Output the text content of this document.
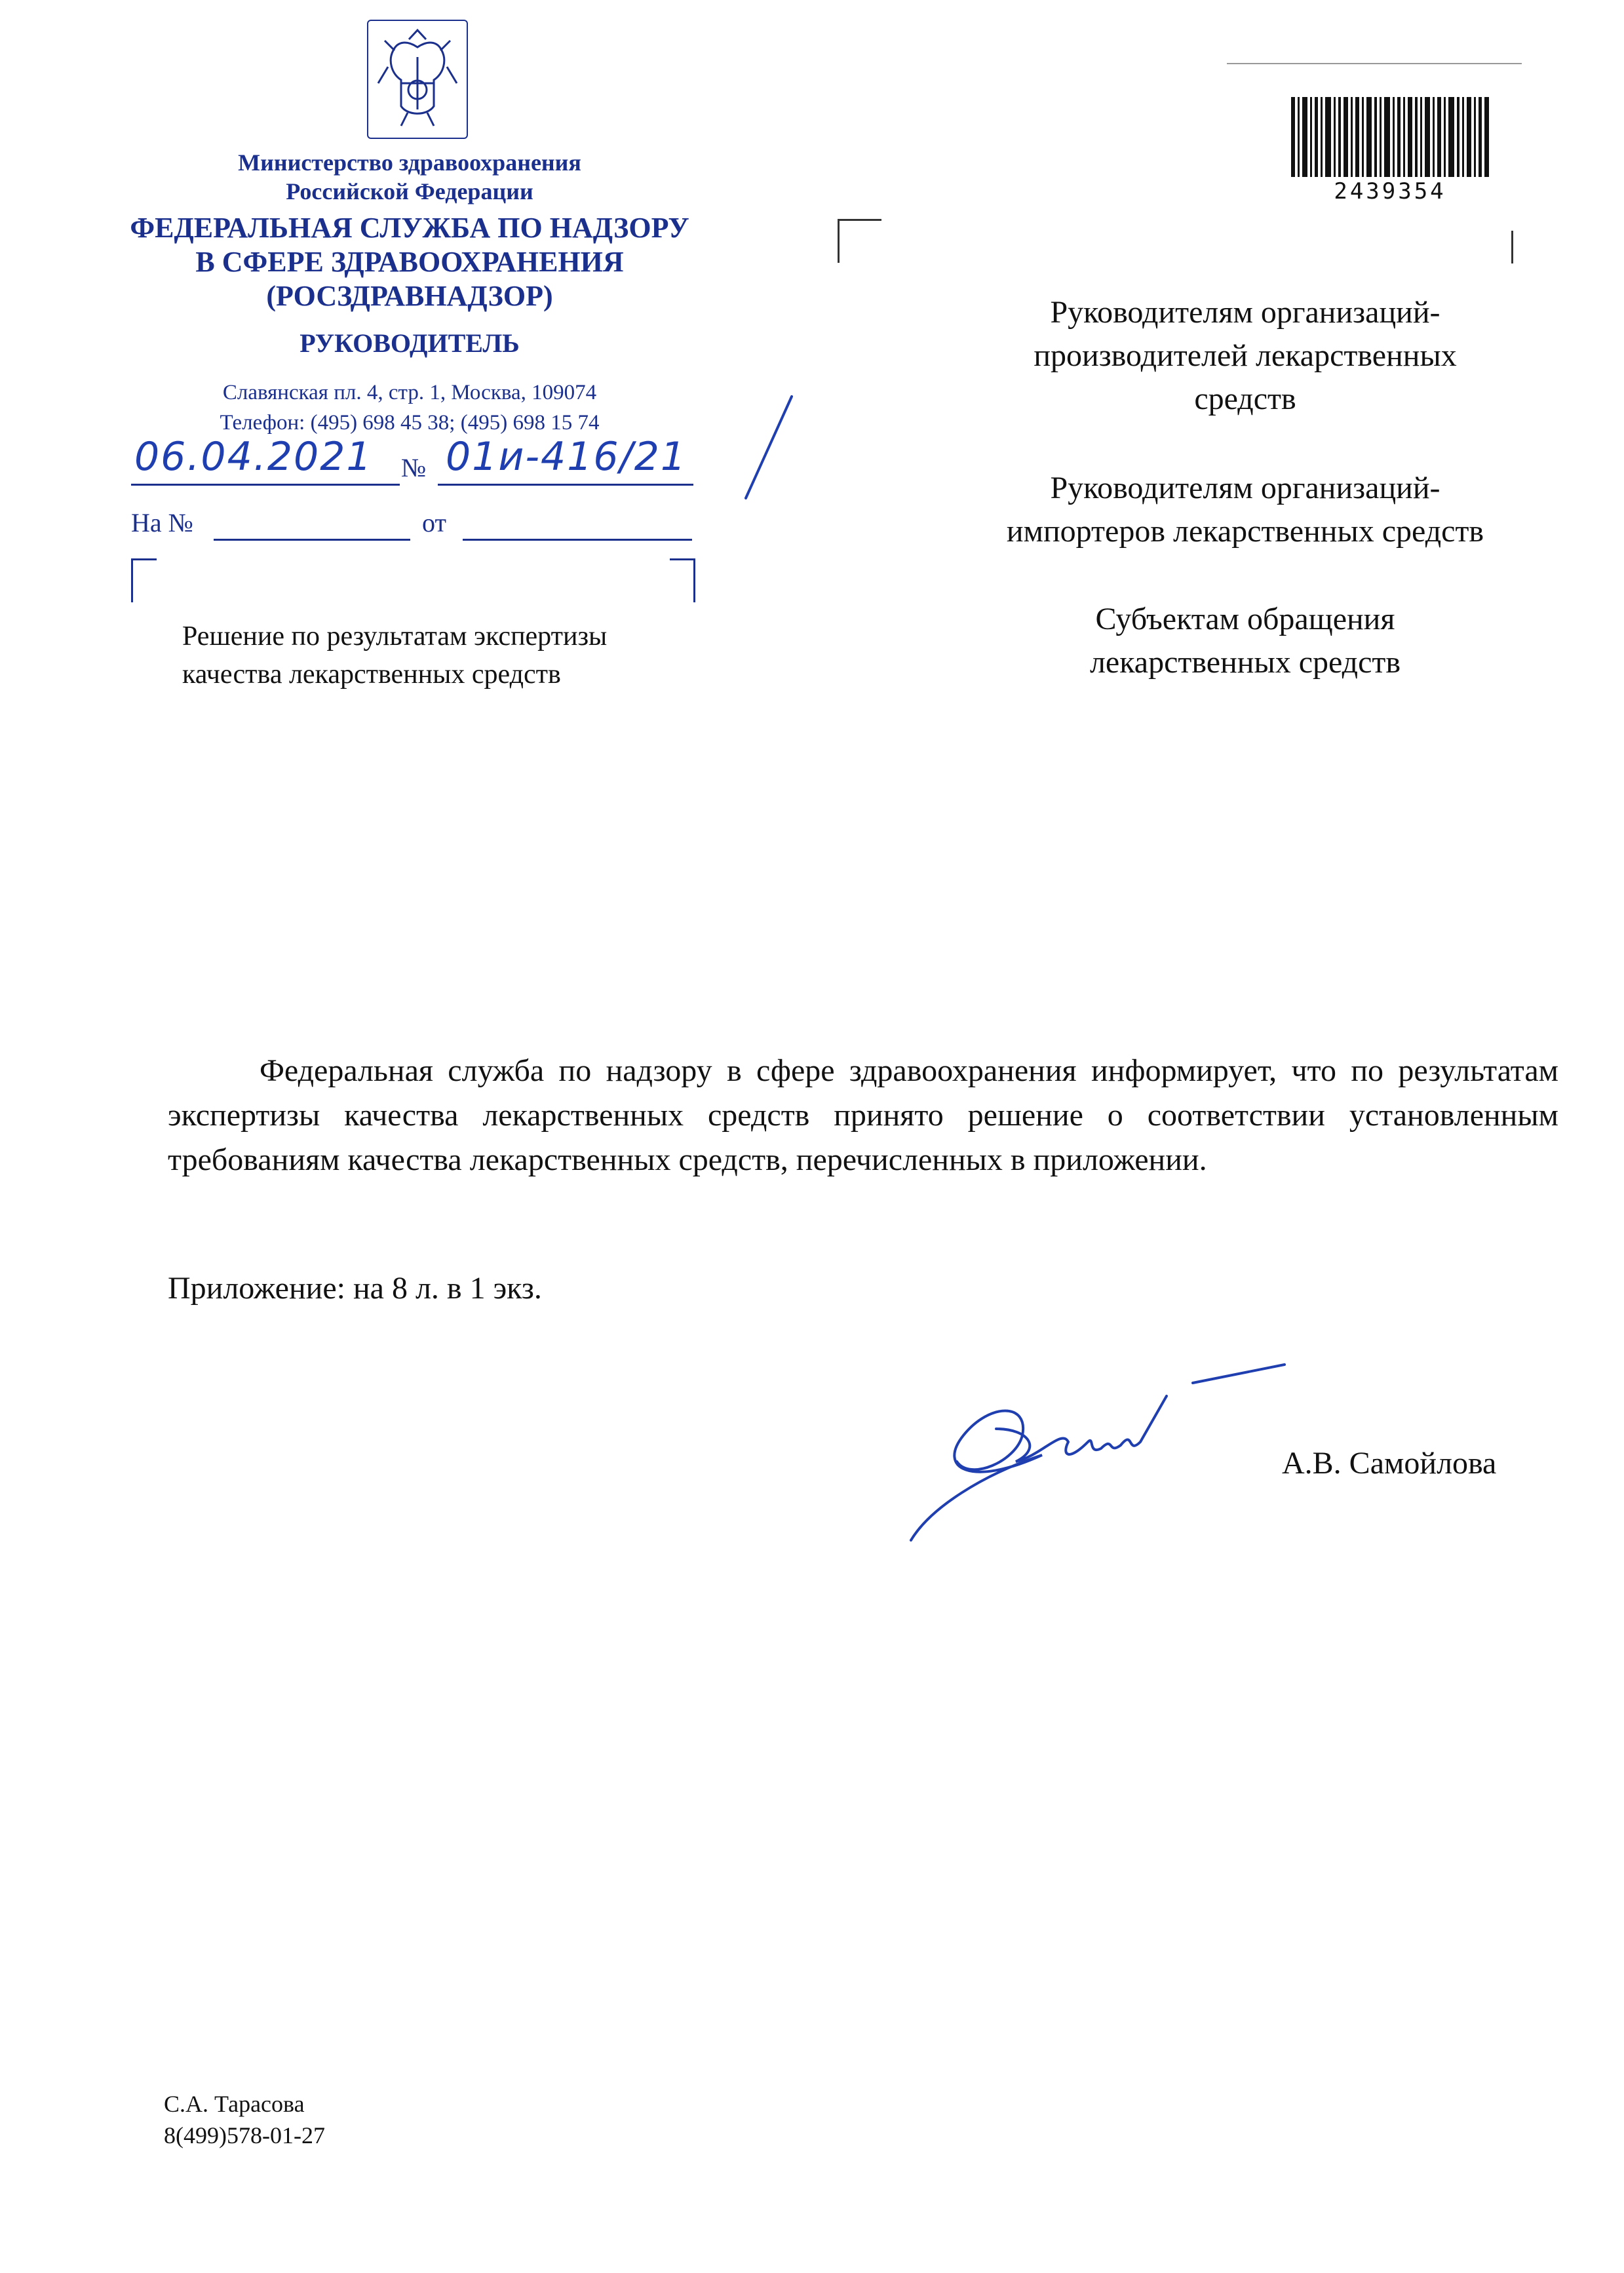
Министерство здравоохранения
Российской Федерации
ФЕДЕРАЛЬНАЯ СЛУЖБА ПО НАДЗОРУ
В СФЕРЕ ЗДРАВООХРАНЕНИЯ
(РОСЗДРАВНАДЗОР)
РУКОВОДИТЕЛЬ
Славянская пл. 4, стр. 1, Москва, 109074
Телефон: (495) 698 45 38; (495) 698 15 74
06.04.2021 № 01и-416/21
На №	от
Решение по результатам экспертизы
качества лекарственных средств
2439354
Руководителям организаций-
производителей лекарственных
средств
Руководителям организаций-
импортеров лекарственных средств
Субъектам обращения
лекарственных средств
Федеральная служба по надзору в сфере здравоохранения информирует, что по результатам экспертизы качества лекарственных средств принято решение о соответствии установленным требованиям качества лекарственных средств, перечисленных в приложении.
Приложение: на 8 л. в 1 экз.
А.В. Самойлова
С.А. Тарасова
8(499)578-01-27
